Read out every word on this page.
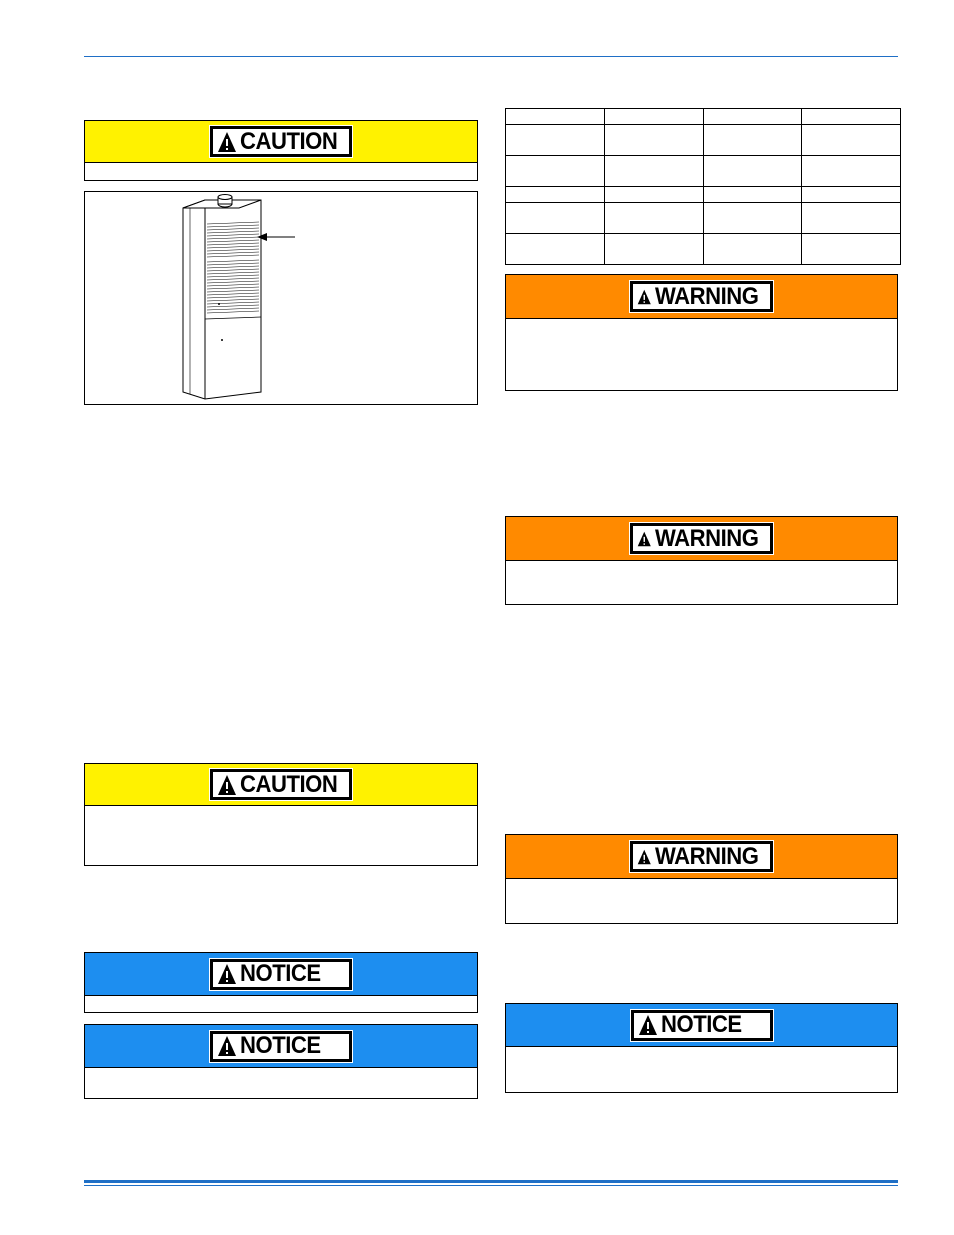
CAUTION
CAUTION
NOTICE
NOTICE

WARNING
WARNING
WARNING
NOTICE
